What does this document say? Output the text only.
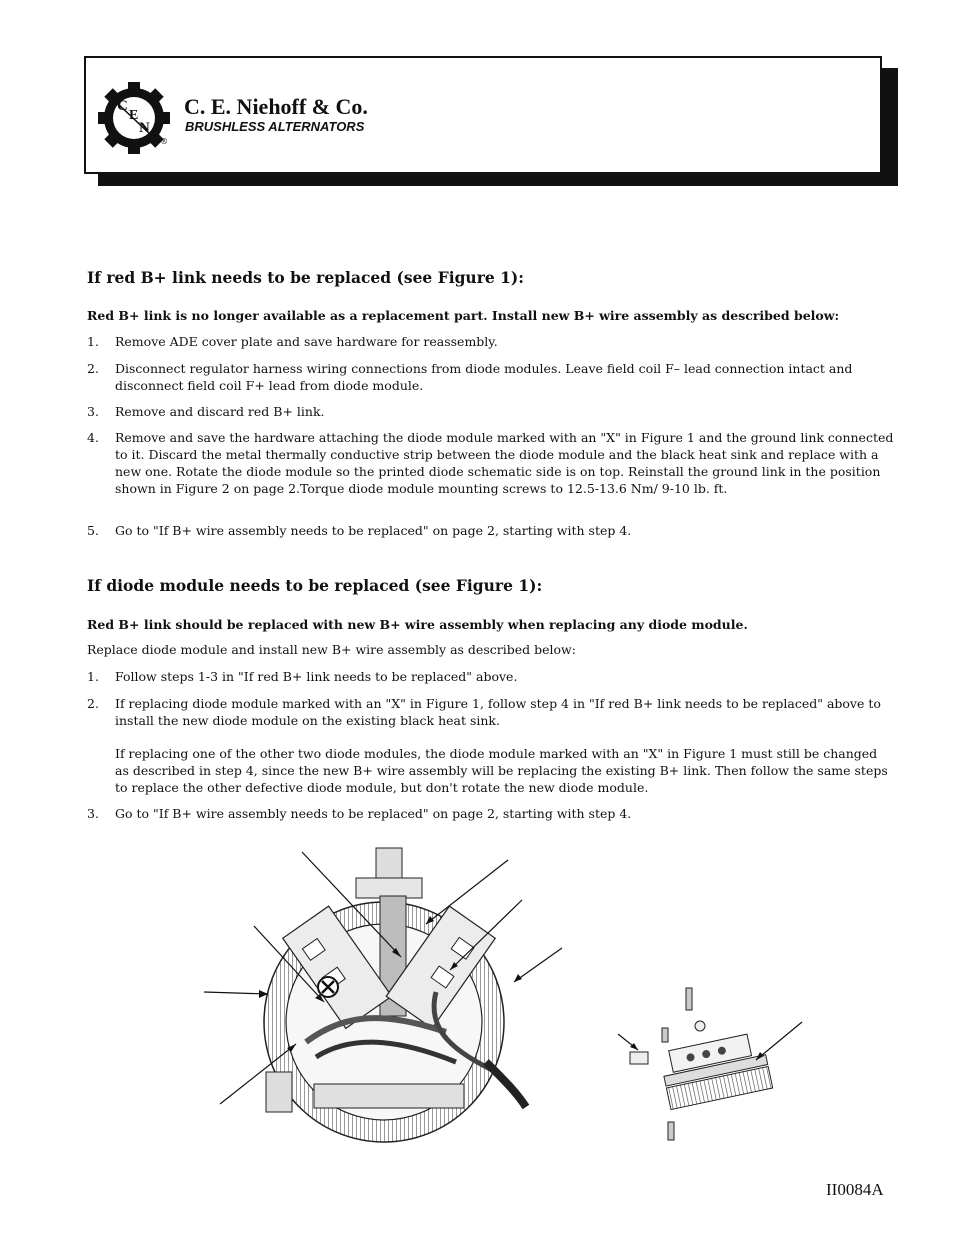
C
E
N
®
C. E. Niehoff & Co.
BRUSHLESS ALTERNATORS
If red B+ link needs to be replaced (see Figure 1):
Red B+ link is no longer available as a replacement part. Install new B+ wire assembly as described below:
1.	Remove ADE cover plate and save hardware for reassembly.
2.	Disconnect regulator harness wiring connections from diode modules. Leave field coil F– lead connection intact and disconnect field coil F+ lead from diode module.
3.	Remove and discard red B+ link.
4.	Remove and save the hardware attaching the diode module marked with an "X" in Figure 1 and the ground link connected to it. Discard the metal thermally conductive strip between the diode module and the black heat sink and replace with a new one. Rotate the diode module so the printed diode schematic side is on top. Reinstall the ground link in the position shown in Figure 2 on page 2.Torque diode module mounting screws to 12.5-13.6 Nm/ 9-10 lb. ft.
5.	Go to "If B+ wire assembly needs to be replaced" on page 2, starting with step 4.
If diode module needs to be replaced (see Figure 1):
Red B+ link should be replaced with new B+ wire assembly when replacing any diode module.
Replace diode module and install new B+ wire assembly as described below:
1.	Follow steps 1-3 in "If red B+ link needs to be replaced" above.
2.	If replacing diode module marked with an "X" in Figure 1, follow step 4 in "If red B+ link needs to be replaced" above to install the new diode module on the existing black heat sink.
If replacing one of the other two diode modules, the diode module marked with an "X" in Figure 1 must still be changed as described in step 4, since the new B+ wire assembly will be replacing the existing B+ link. Then follow the same steps to replace the other defective diode module, but don't rotate the new diode module.
3.	Go to "If B+ wire assembly needs to be replaced" on page 2, starting with step 4.
II0084A
